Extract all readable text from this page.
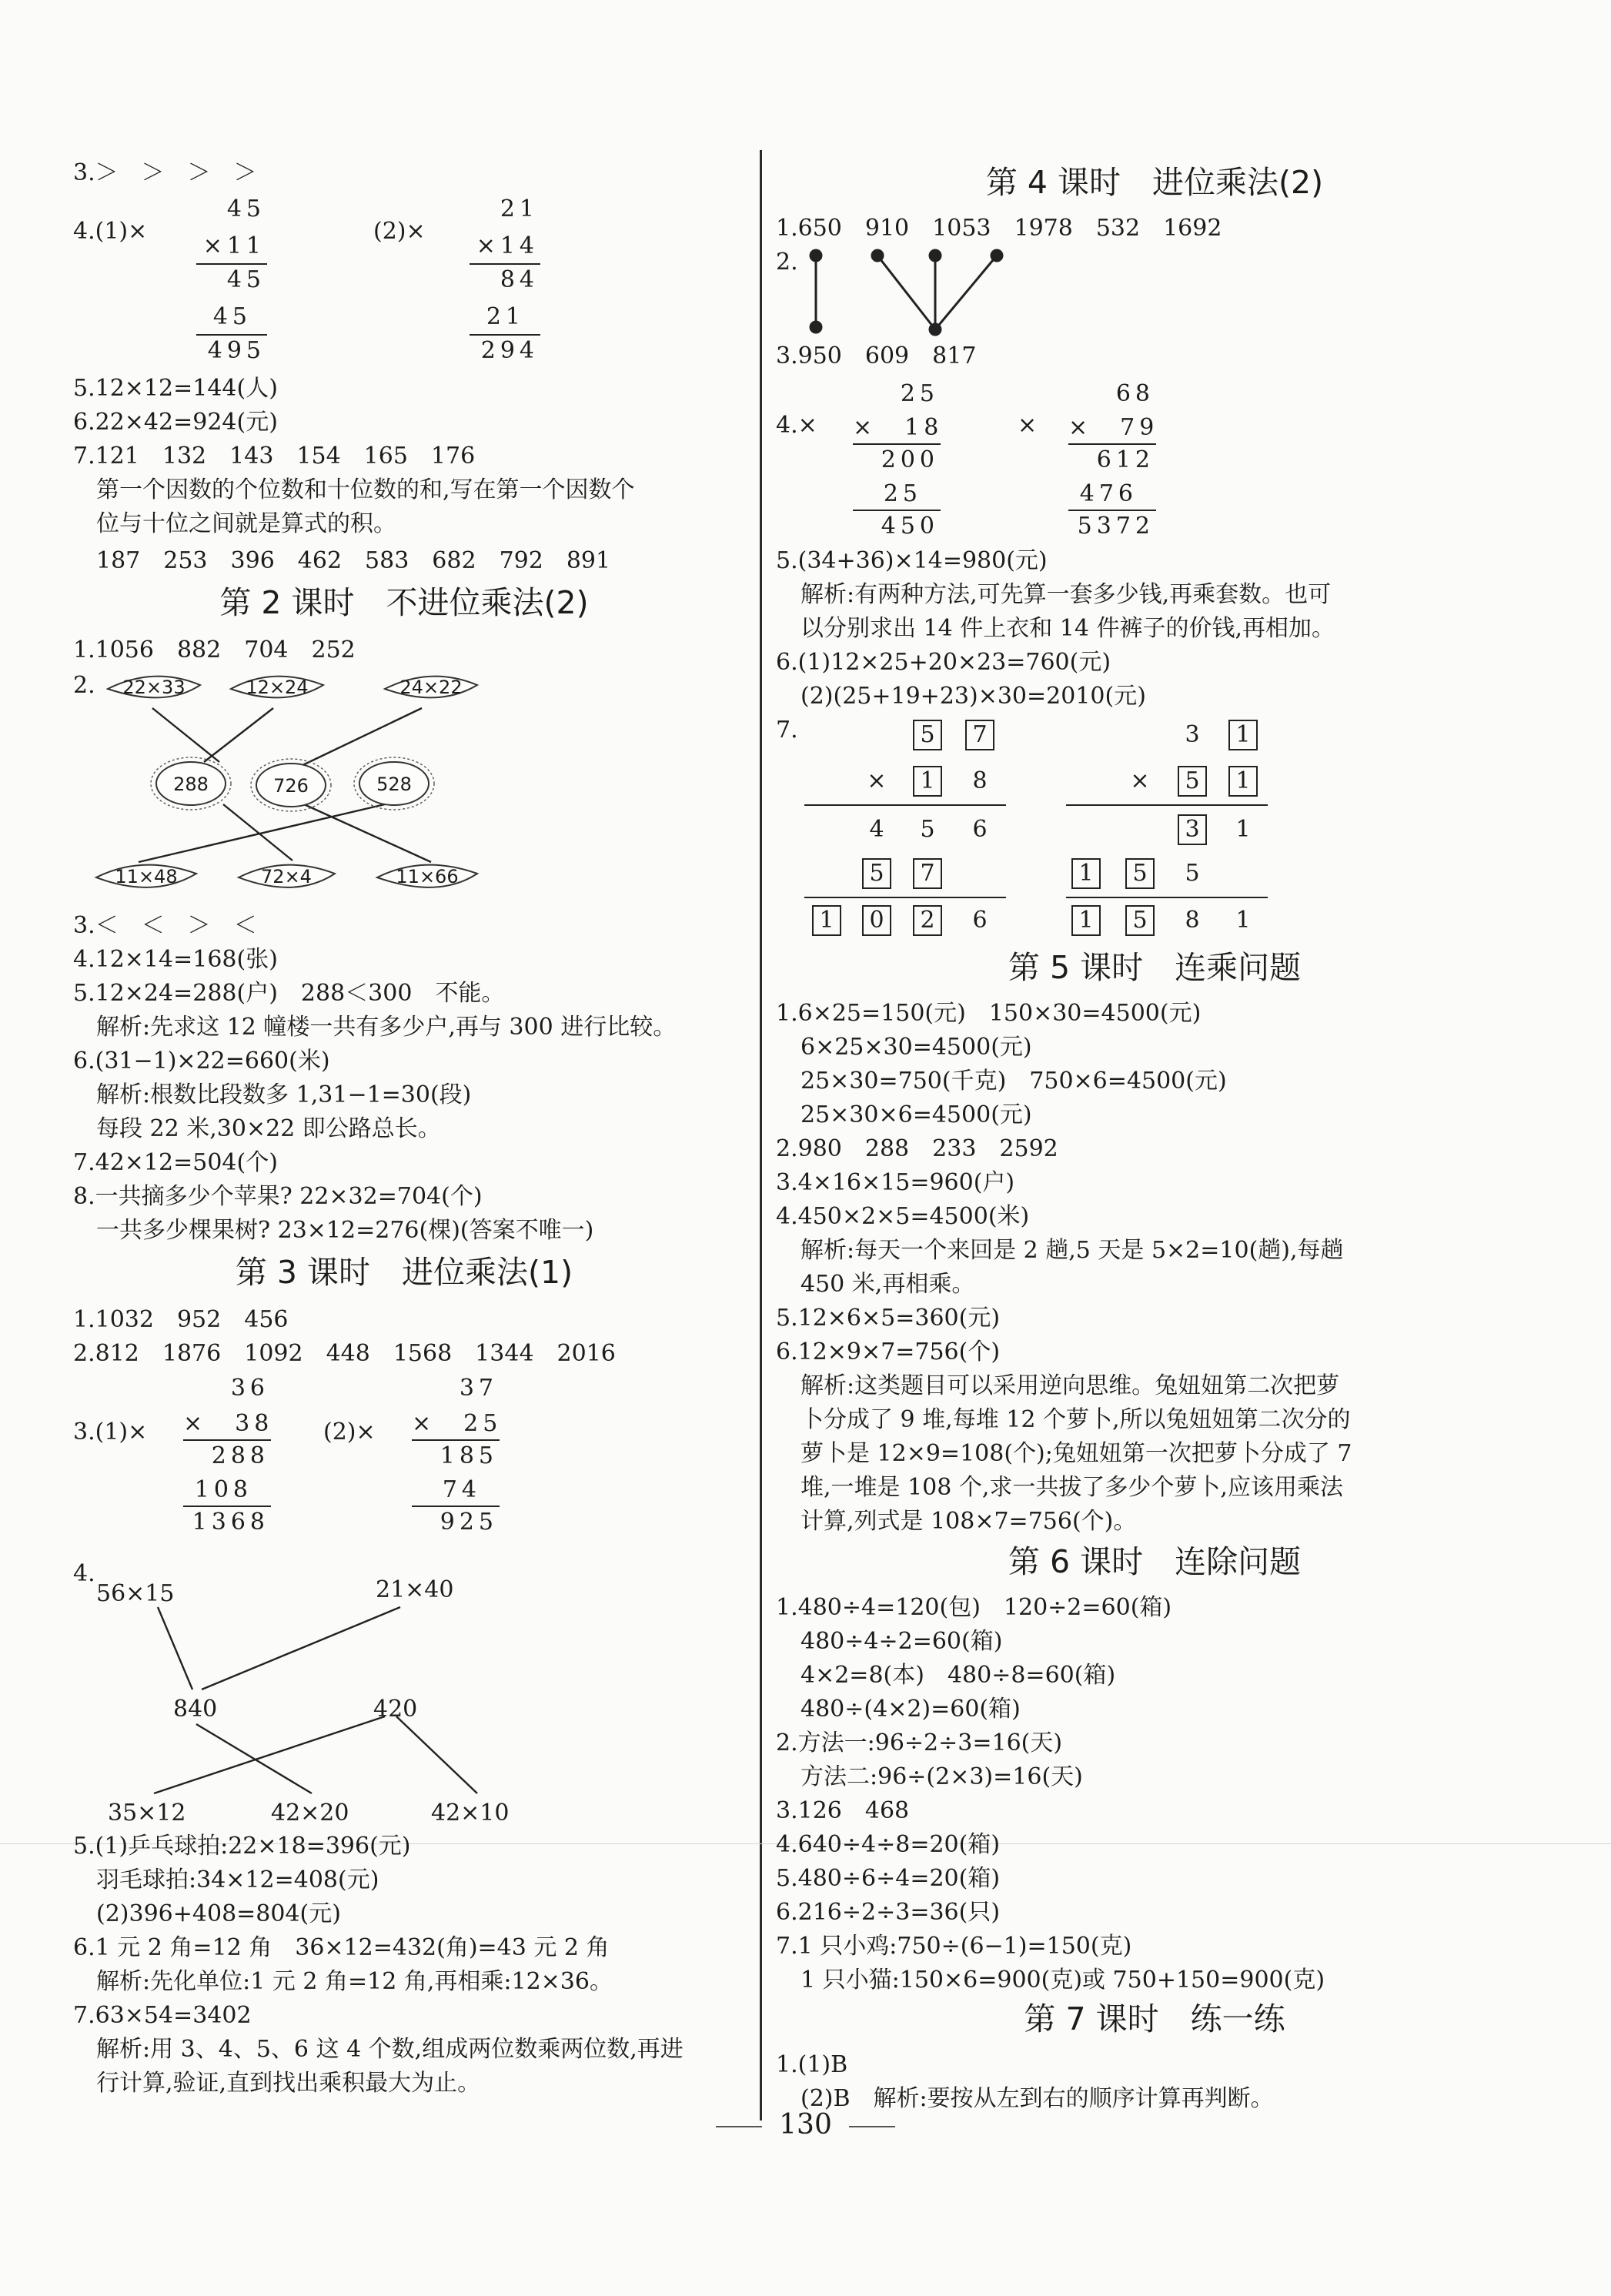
3.＞　＞　＞　＞
4.(1)×
45
×11
45
45
495
(2)×
21
×14
84
21
294
5.12×12=144(人)
6.22×42=924(元)
7.121　132　143　154　165　176
第一个因数的个位数和十位数的和,写在第一个因数个
位与十位之间就是算式的积。
187　253　396　462　583　682　792　891
第 2 课时　不进位乘法(2)
1.1056　882　704　252
2. 22×33	12×24	24×22
288	726	528
11×48	72×4	11×66
3.＜　＜　＞　＜
4.12×14=168(张)
5.12×24=288(户)　288＜300　不能。
解析:先求这 12 幢楼一共有多少户,再与 300 进行比较。
6.(31−1)×22=660(米)
解析:根数比段数多 1,31−1=30(段)
每段 22 米,30×22 即公路总长。
7.42×12=504(个)
8.一共摘多少个苹果? 22×32=704(个)
一共多少棵果树? 23×12=276(棵)(答案不唯一)
第 3 课时　进位乘法(1)
1.1032　952　456
2.812　1876　1092　448　1568　1344　2016
3.(1)×
36
×　38
288
108
1368
(2)×
37
×　25
185
74
925
4.
56×15	21×40
840	420
35×12	42×20	42×10
5.(1)乒乓球拍:22×18=396(元)
羽毛球拍:34×12=408(元)
(2)396+408=804(元)
6.1 元 2 角=12 角　36×12=432(角)=43 元 2 角
解析:先化单位:1 元 2 角=12 角,再相乘:12×36。
7.63×54=3402
解析:用 3、4、5、6 这 4 个数,组成两位数乘两位数,再进
行计算,验证,直到找出乘积最大为止。
第 4 课时　进位乘法(2)
1.650　910　1053　1978　532　1692
2.
3.950　609　817
4.×
25
×　18
200
25
450
×
68
×　79
612
476
5372
5.(34+36)×14=980(元)
解析:有两种方法,可先算一套多少钱,再乘套数。也可
以分别求出 14 件上衣和 14 件裤子的价钱,再相加。
6.(1)12×25+20×23=760(元)
(2)(25+19+23)×30=2010(元)
7.	5	7
×	1	8
4	5	6
5	7
1	0	2	6
3	1
×	5	1
3	1
1	5	5
1	5	8	1
第 5 课时　连乘问题
1.6×25=150(元)　150×30=4500(元)
6×25×30=4500(元)
25×30=750(千克)　750×6=4500(元)
25×30×6=4500(元)
2.980　288　233　2592
3.4×16×15=960(户)
4.450×2×5=4500(米)
解析:每天一个来回是 2 趟,5 天是 5×2=10(趟),每趟
450 米,再相乘。
5.12×6×5=360(元)
6.12×9×7=756(个)
解析:这类题目可以采用逆向思维。兔妞妞第二次把萝
卜分成了 9 堆,每堆 12 个萝卜,所以兔妞妞第二次分的
萝卜是 12×9=108(个);兔妞妞第一次把萝卜分成了 7
堆,一堆是 108 个,求一共拔了多少个萝卜,应该用乘法
计算,列式是 108×7=756(个)。
第 6 课时　连除问题
1.480÷4=120(包)　120÷2=60(箱)
480÷4÷2=60(箱)
4×2=8(本)　480÷8=60(箱)
480÷(4×2)=60(箱)
2.方法一:96÷2÷3=16(天)
方法二:96÷(2×3)=16(天)
3.126　468
4.640÷4÷8=20(箱)
5.480÷6÷4=20(箱)
6.216÷2÷3=36(只)
7.1 只小鸡:750÷(6−1)=150(克)
1 只小猫:150×6=900(克)或 750+150=900(克)
第 7 课时　练一练
1.(1)B
(2)B　解析:要按从左到右的顺序计算再判断。
130
